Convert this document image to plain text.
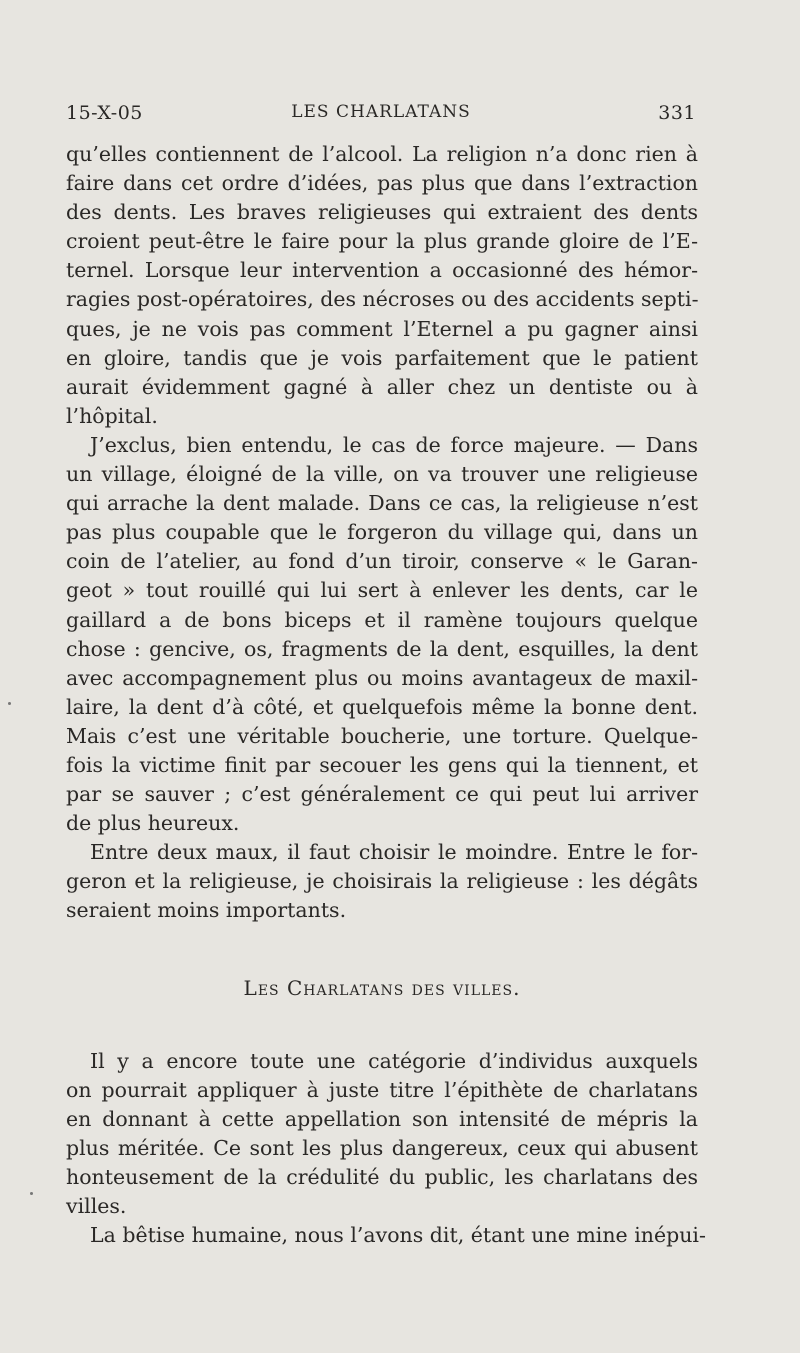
15-X-05	LES CHARLATANS	331
qu’elles contiennent de l’alcool. La religion n’a donc rien à
faire dans cet ordre d’idées, pas plus que dans l’extraction
des dents. Les braves religieuses qui extraient des dents
croient peut-être le faire pour la plus grande gloire de l’E-
ternel. Lorsque leur intervention a occasionné des hémor-
ragies post-opératoires, des nécroses ou des accidents septi-
ques, je ne vois pas comment l’Eternel a pu gagner ainsi
en gloire, tandis que je vois parfaitement que le patient
aurait évidemment gagné à aller chez un dentiste ou à
l’hôpital.
J’exclus, bien entendu, le cas de force majeure. — Dans
un village, éloigné de la ville, on va trouver une religieuse
qui arrache la dent malade. Dans ce cas, la religieuse n’est
pas plus coupable que le forgeron du village qui, dans un
coin de l’atelier, au fond d’un tiroir, conserve « le Garan-
geot » tout rouillé qui lui sert à enlever les dents, car le
gaillard a de bons biceps et il ramène toujours quelque
chose : gencive, os, fragments de la dent, esquilles, la dent
avec accompagnement plus ou moins avantageux de maxil-
laire, la dent d’à côté, et quelquefois même la bonne dent.
Mais c’est une véritable boucherie, une torture. Quelque-
fois la victime finit par secouer les gens qui la tiennent, et
par se sauver ; c’est généralement ce qui peut lui arriver
de plus heureux.
Entre deux maux, il faut choisir le moindre. Entre le for-
geron et la religieuse, je choisirais la religieuse : les dégâts
seraient moins importants.
Les Charlatans des villes.
Il y a encore toute une catégorie d’individus auxquels
on pourrait appliquer à juste titre l’épithète de charlatans
en donnant à cette appellation son intensité de mépris la
plus méritée. Ce sont les plus dangereux, ceux qui abusent
honteusement de la crédulité du public, les charlatans des
villes.
La bêtise humaine, nous l’avons dit, étant une mine inépui-
